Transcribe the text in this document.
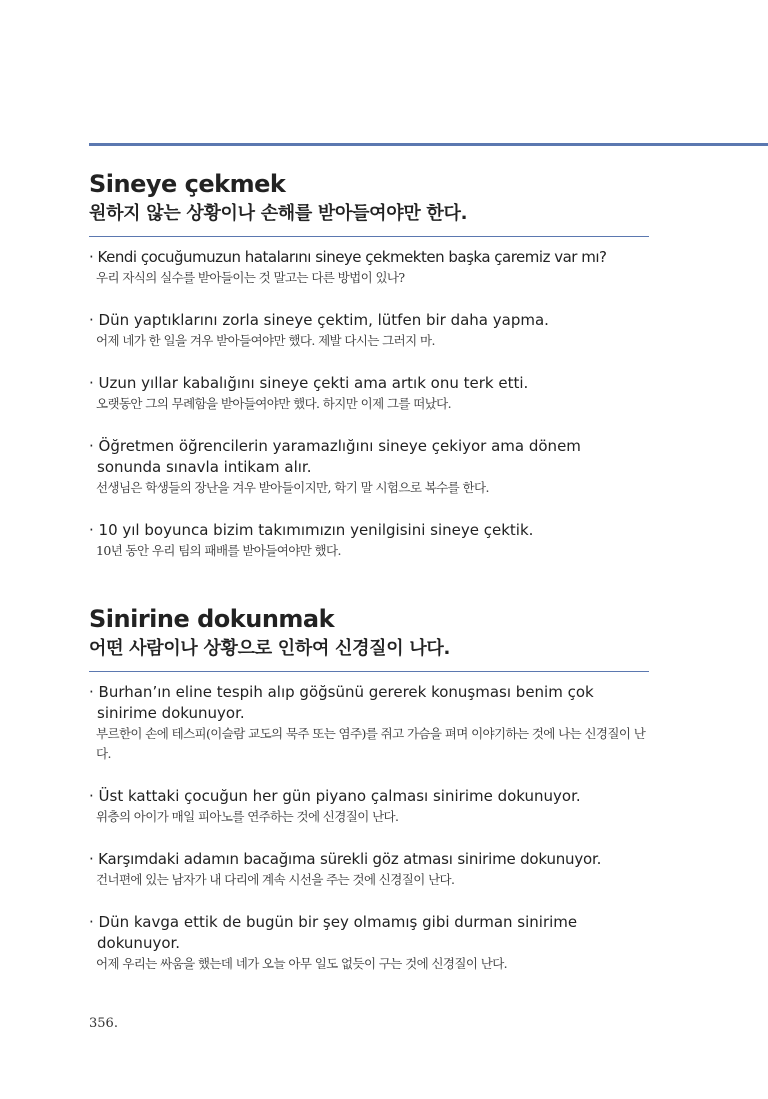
Sineye çekmek
원하지 않는 상황이나 손해를 받아들여야만 한다.
· Kendi çocuğumuzun hatalarını sineye çekmekten başka çaremiz var mı?
우리 자식의 실수를 받아들이는 것 말고는 다른 방법이 있나?
· Dün yaptıklarını zorla sineye çektim, lütfen bir daha yapma.
어제 네가 한 일을 겨우 받아들여야만 했다. 제발 다시는 그러지 마.
· Uzun yıllar kabalığını sineye çekti ama artık onu terk etti.
오랫동안 그의 무례함을 받아들여야만 했다. 하지만 이제 그를 떠났다.
· Öğretmen öğrencilerin yaramazlığını sineye çekiyor ama dönem sonunda sınavla intikam alır.
선생님은 학생들의 장난을 겨우 받아들이지만, 학기 말 시험으로 복수를 한다.
· 10 yıl boyunca bizim takımımızın yenilgisini sineye çektik.
10년 동안 우리 팀의 패배를 받아들여야만 했다.
Sinirine dokunmak
어떤 사람이나 상황으로 인하여 신경질이 나다.
· Burhan’ın eline tespih alıp göğsünü gererek konuşması benim çok sinirime dokunuyor.
부르한이 손에 테스피(이슬람 교도의 묵주 또는 염주)를 쥐고 가슴을 펴며 이야기하는 것에 나는 신경질이 난다.
· Üst kattaki çocuğun her gün piyano çalması sinirime dokunuyor.
위층의 아이가 매일 피아노를 연주하는 것에 신경질이 난다.
· Karşımdaki adamın bacağıma sürekli göz atması sinirime dokunuyor.
건너편에 있는 남자가 내 다리에 계속 시선을 주는 것에 신경질이 난다.
· Dün kavga ettik de bugün bir şey olmamış gibi durman sinirime dokunuyor.
어제 우리는 싸움을 했는데 네가 오늘 아무 일도 없듯이 구는 것에 신경질이 난다.
356.
